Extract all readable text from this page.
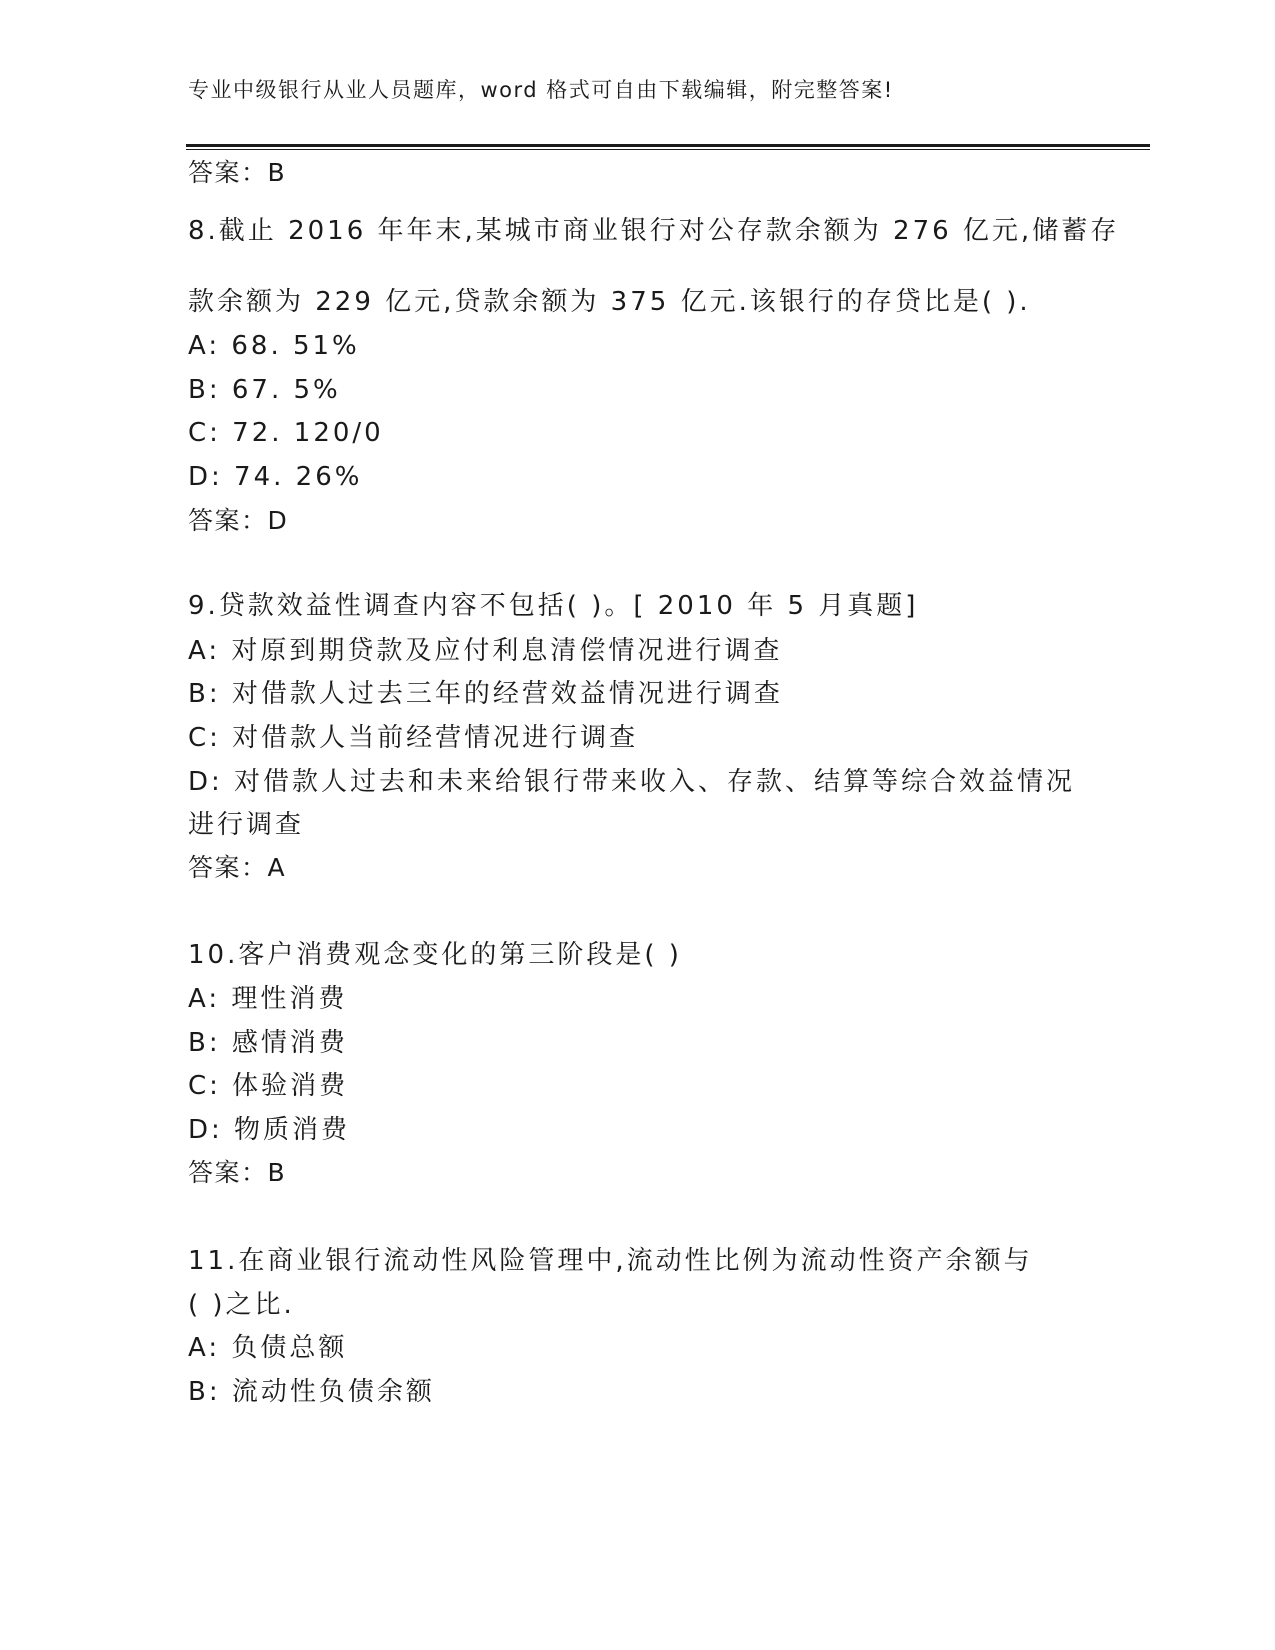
专业中级银行从业人员题库，word 格式可自由下载编辑，附完整答案!
答案：B
8.截止 2016 年年末,某城市商业银行对公存款余额为 276 亿元,储蓄存
款余额为 229 亿元,贷款余额为 375 亿元.该银行的存贷比是( ).
A: 68. 51%
B: 67. 5%
C: 72. 120/0
D: 74. 26%
答案：D
9.贷款效益性调查内容不包括( )。[ 2010 年 5 月真题]
A: 对原到期贷款及应付利息清偿情况进行调查
B: 对借款人过去三年的经营效益情况进行调查
C: 对借款人当前经营情况进行调查
D: 对借款人过去和未来给银行带来收入、存款、结算等综合效益情况
进行调查
答案：A
10.客户消费观念变化的第三阶段是( )
A: 理性消费
B: 感情消费
C: 体验消费
D: 物质消费
答案：B
11.在商业银行流动性风险管理中,流动性比例为流动性资产余额与
( )之比.
A: 负债总额
B: 流动性负债余额
